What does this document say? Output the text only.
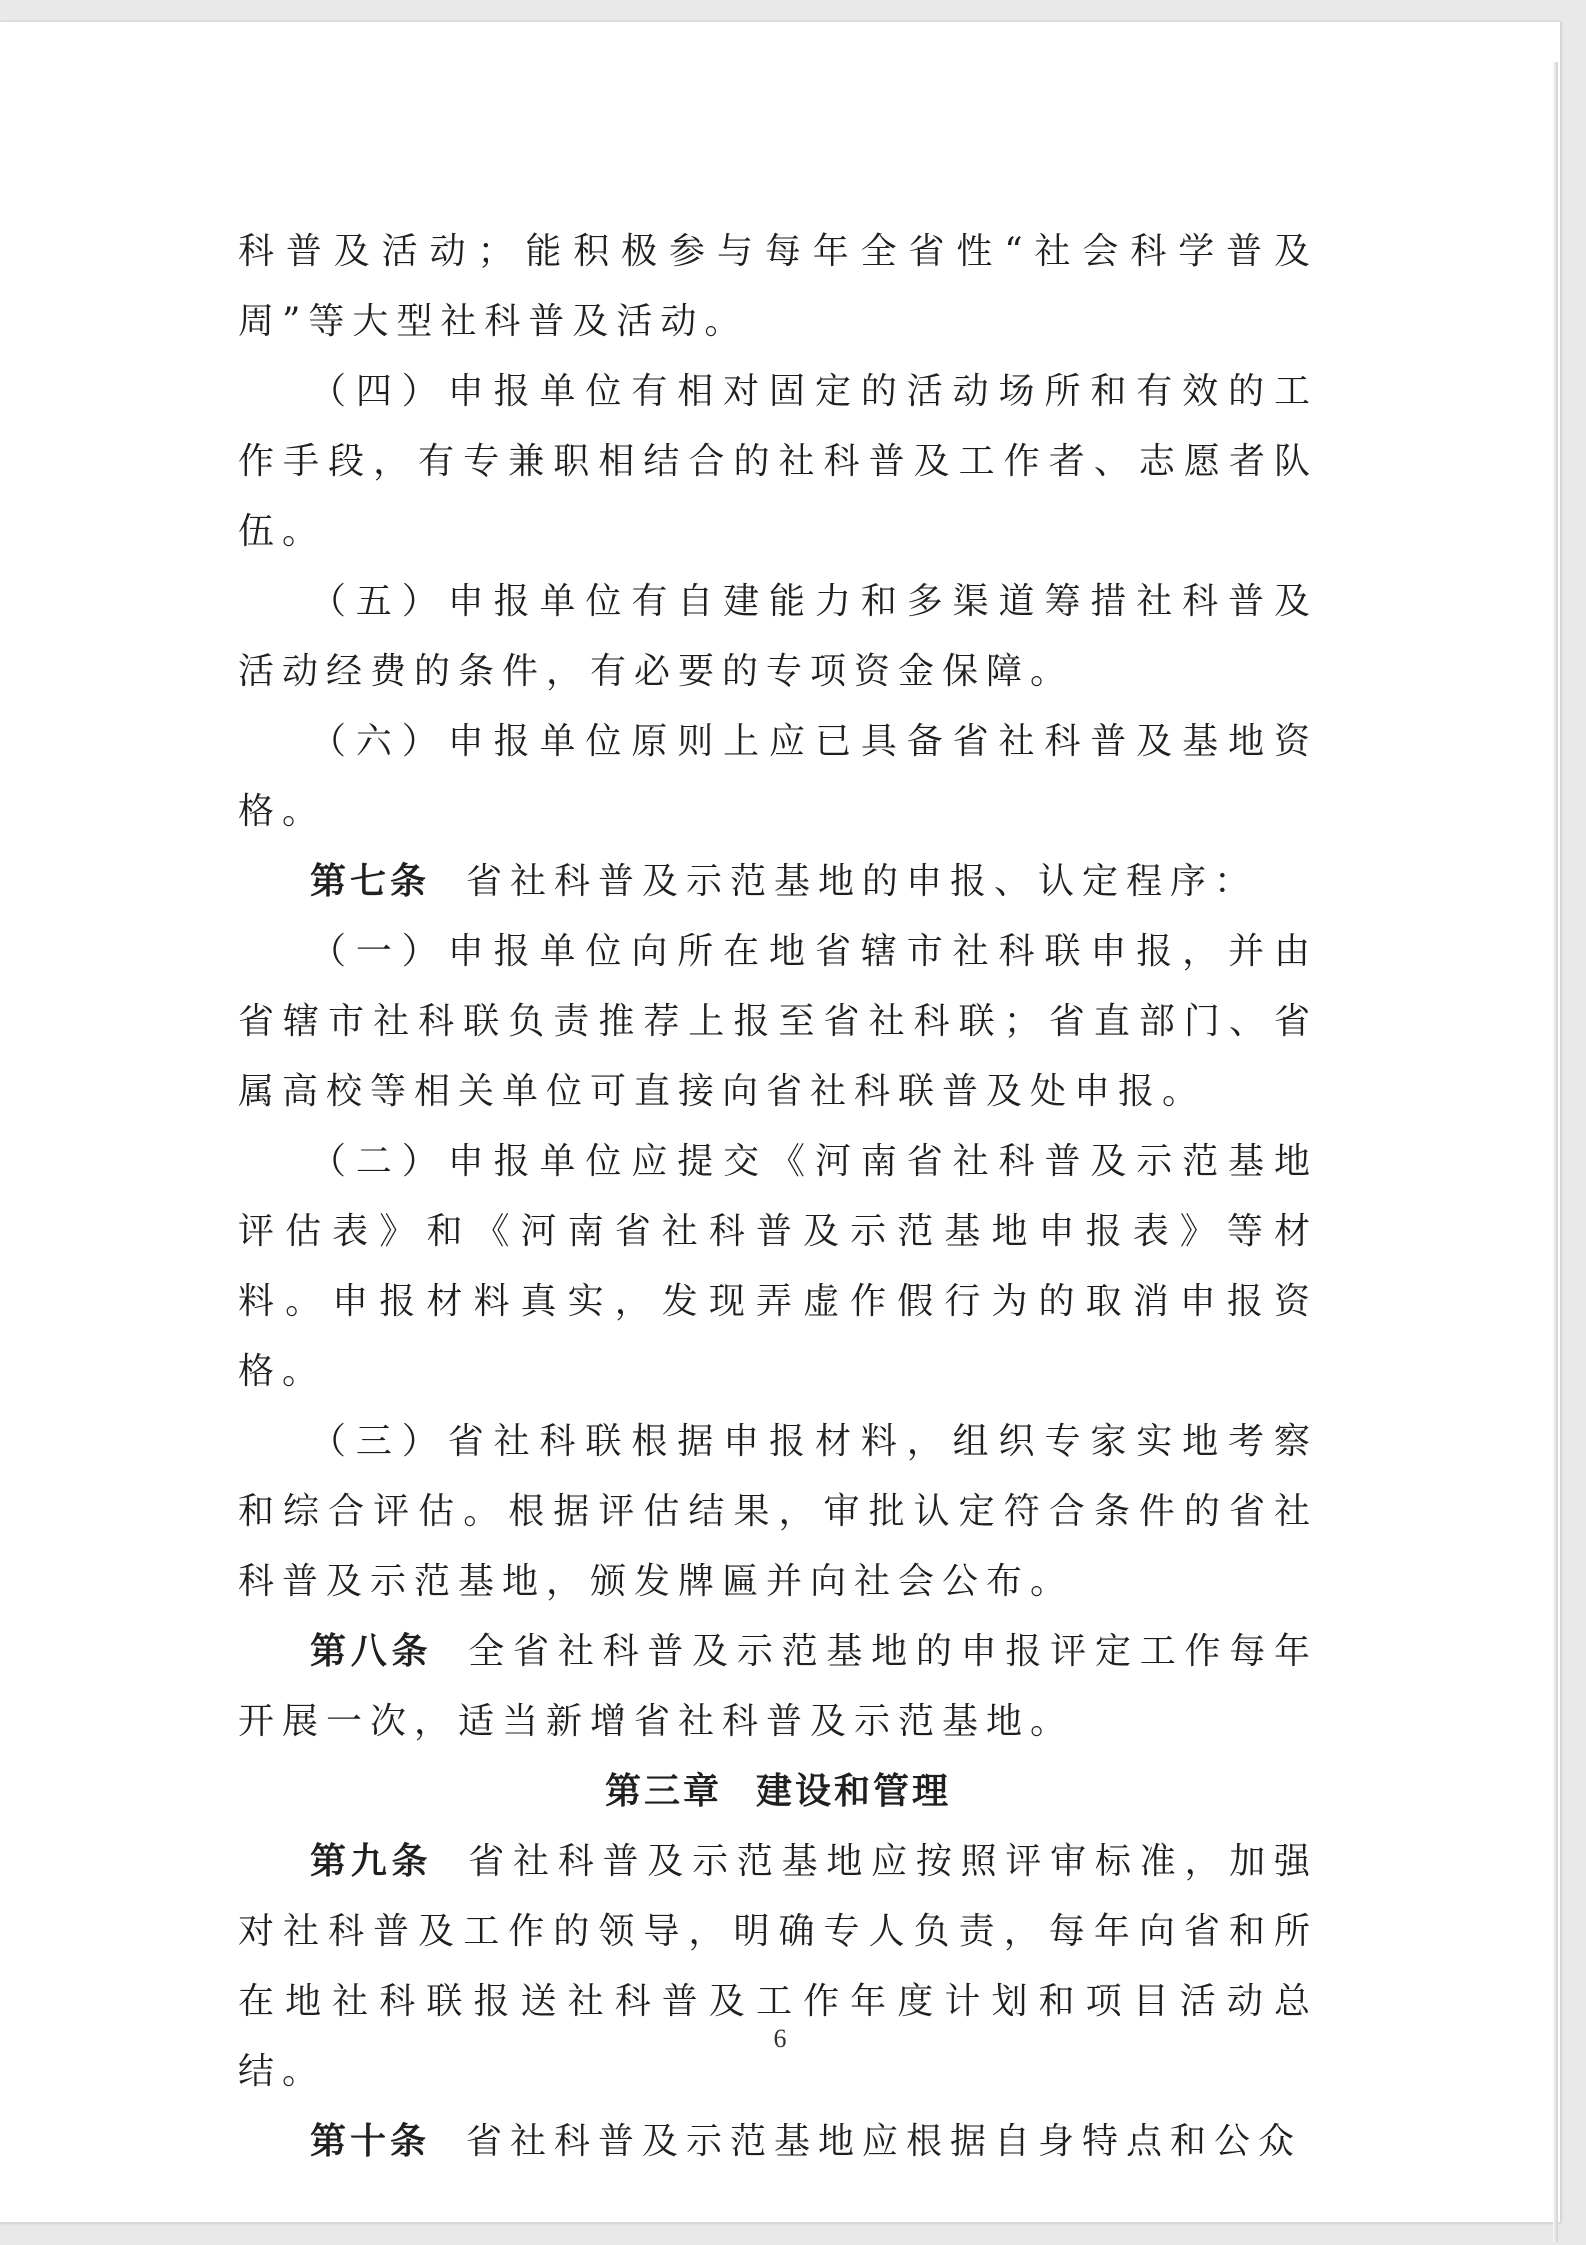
科普及活动；能积极参与每年全省性“社会科学普及周”等大型社科普及活动。

（四）申报单位有相对固定的活动场所和有效的工作手段，有专兼职相结合的社科普及工作者、志愿者队伍。

（五）申报单位有自建能力和多渠道筹措社科普及活动经费的条件，有必要的专项资金保障。

（六）申报单位原则上应已具备省社科普及基地资格。

第七条 省社科普及示范基地的申报、认定程序：

（一）申报单位向所在地省辖市社科联申报，并由省辖市社科联负责推荐上报至省社科联；省直部门、省属高校等相关单位可直接向省社科联普及处申报。

（二）申报单位应提交《河南省社科普及示范基地评估表》和《河南省社科普及示范基地申报表》等材料。申报材料真实，发现弄虚作假行为的取消申报资格。

（三）省社科联根据申报材料，组织专家实地考察和综合评估。根据评估结果，审批认定符合条件的省社科普及示范基地，颁发牌匾并向社会公布。

第八条 全省社科普及示范基地的申报评定工作每年开展一次，适当新增省社科普及示范基地。

第三章 建设和管理

第九条 省社科普及示范基地应按照评审标准，加强对社科普及工作的领导，明确专人负责，每年向省和所在地社科联报送社科普及工作年度计划和项目活动总结。

第十条 省社科普及示范基地应根据自身特点和公众

6
